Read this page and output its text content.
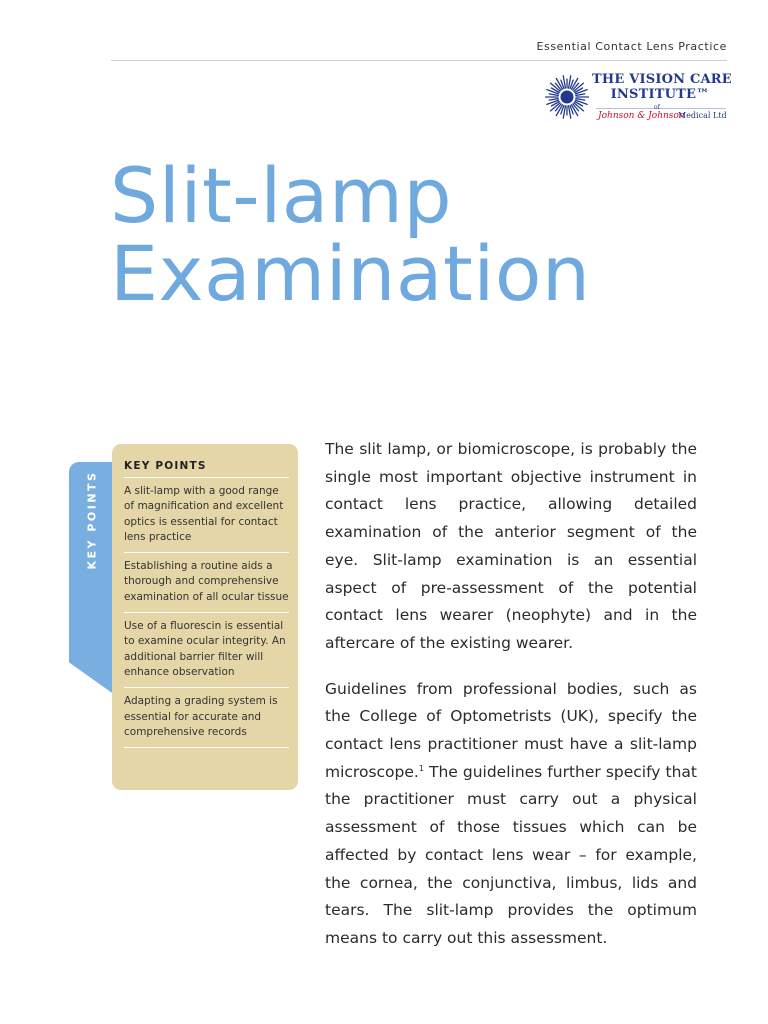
Essential Contact Lens Practice
THE VISION CARE
INSTITUTE™
of
Johnson & Johnson
Medical Ltd
Slit-lamp
Examination
KEY POINTS
KEY POINTS
A slit-lamp with a good range of magnification and excellent optics is essential for contact lens practice
Establishing a routine aids a thorough and comprehensive examination of all ocular tissue
Use of a fluorescin is essential to examine ocular integrity. An additional barrier filter will enhance observation
Adapting a grading system is essential for accurate and comprehensive records

The slit lamp, or biomicroscope, is probably the single most important objective instrument in contact lens practice, allowing detailed examination of the anterior segment of the eye. Slit-lamp examination is an essential aspect of pre-assessment of the potential contact lens wearer (neophyte) and in the aftercare of the existing wearer.

Guidelines from professional bodies, such as the College of Optometrists (UK), specify the contact lens practitioner must have a slit-lamp microscope.$^1$ The guidelines further specify that the practitioner must carry out a physical assessment of those tissues which can be affected by contact lens wear – for example, the cornea, the conjunctiva, limbus, lids and tears. The slit-lamp provides the optimum means to carry out this assessment.
